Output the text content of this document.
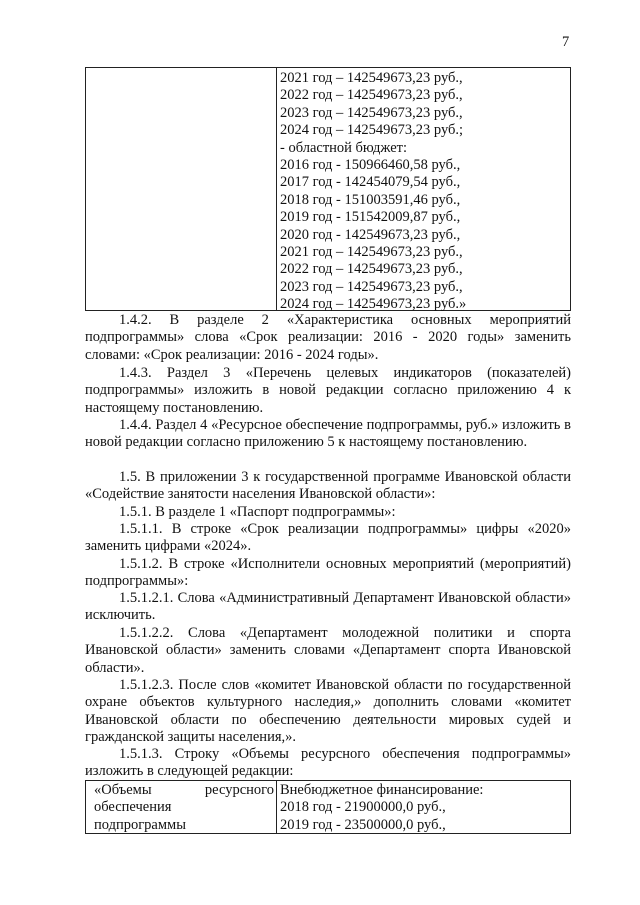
7
2021 год – 142549673,23 руб.,
2022 год – 142549673,23 руб.,
2023 год – 142549673,23 руб.,
2024 год – 142549673,23 руб.;
- областной бюджет:
2016 год - 150966460,58 руб.,
2017 год - 142454079,54 руб.,
2018 год - 151003591,46 руб.,
2019 год - 151542009,87 руб.,
2020 год - 142549673,23 руб.,
2021 год – 142549673,23 руб.,
2022 год – 142549673,23 руб.,
2023 год – 142549673,23 руб.,
2024 год – 142549673,23 руб.»
1.4.2. В разделе 2 «Характеристика основных мероприятий подпрограммы» слова «Срок реализации: 2016 - 2020 годы» заменить словами: «Срок реализации: 2016 - 2024 годы».
1.4.3. Раздел 3 «Перечень целевых индикаторов (показателей) подпрограммы» изложить в новой редакции согласно приложению 4 к настоящему постановлению.
1.4.4. Раздел 4 «Ресурсное обеспечение подпрограммы, руб.» изложить в новой редакции согласно приложению 5 к настоящему постановлению.
1.5. В приложении 3 к государственной программе Ивановской области «Содействие занятости населения Ивановской области»:
1.5.1. В разделе 1 «Паспорт подпрограммы»:
1.5.1.1. В строке «Срок реализации подпрограммы» цифры «2020» заменить цифрами «2024».
1.5.1.2. В строке «Исполнители основных мероприятий (мероприятий) подпрограммы»:
1.5.1.2.1. Слова «Административный Департамент Ивановской области» исключить.
1.5.1.2.2. Слова «Департамент молодежной политики и спорта Ивановской области» заменить словами «Департамент спорта Ивановской области».
1.5.1.2.3. После слов «комитет Ивановской области по государственной охране объектов культурного наследия,» дополнить словами «комитет Ивановской области по обеспечению деятельности мировых судей и гражданской защиты населения,».
1.5.1.3. Строку «Объемы ресурсного обеспечения подпрограммы» изложить в следующей редакции:
«Объемы	ресурсного
обеспечения
подпрограммы
Внебюджетное финансирование:
2018 год - 21900000,0 руб.,
2019 год - 23500000,0 руб.,
